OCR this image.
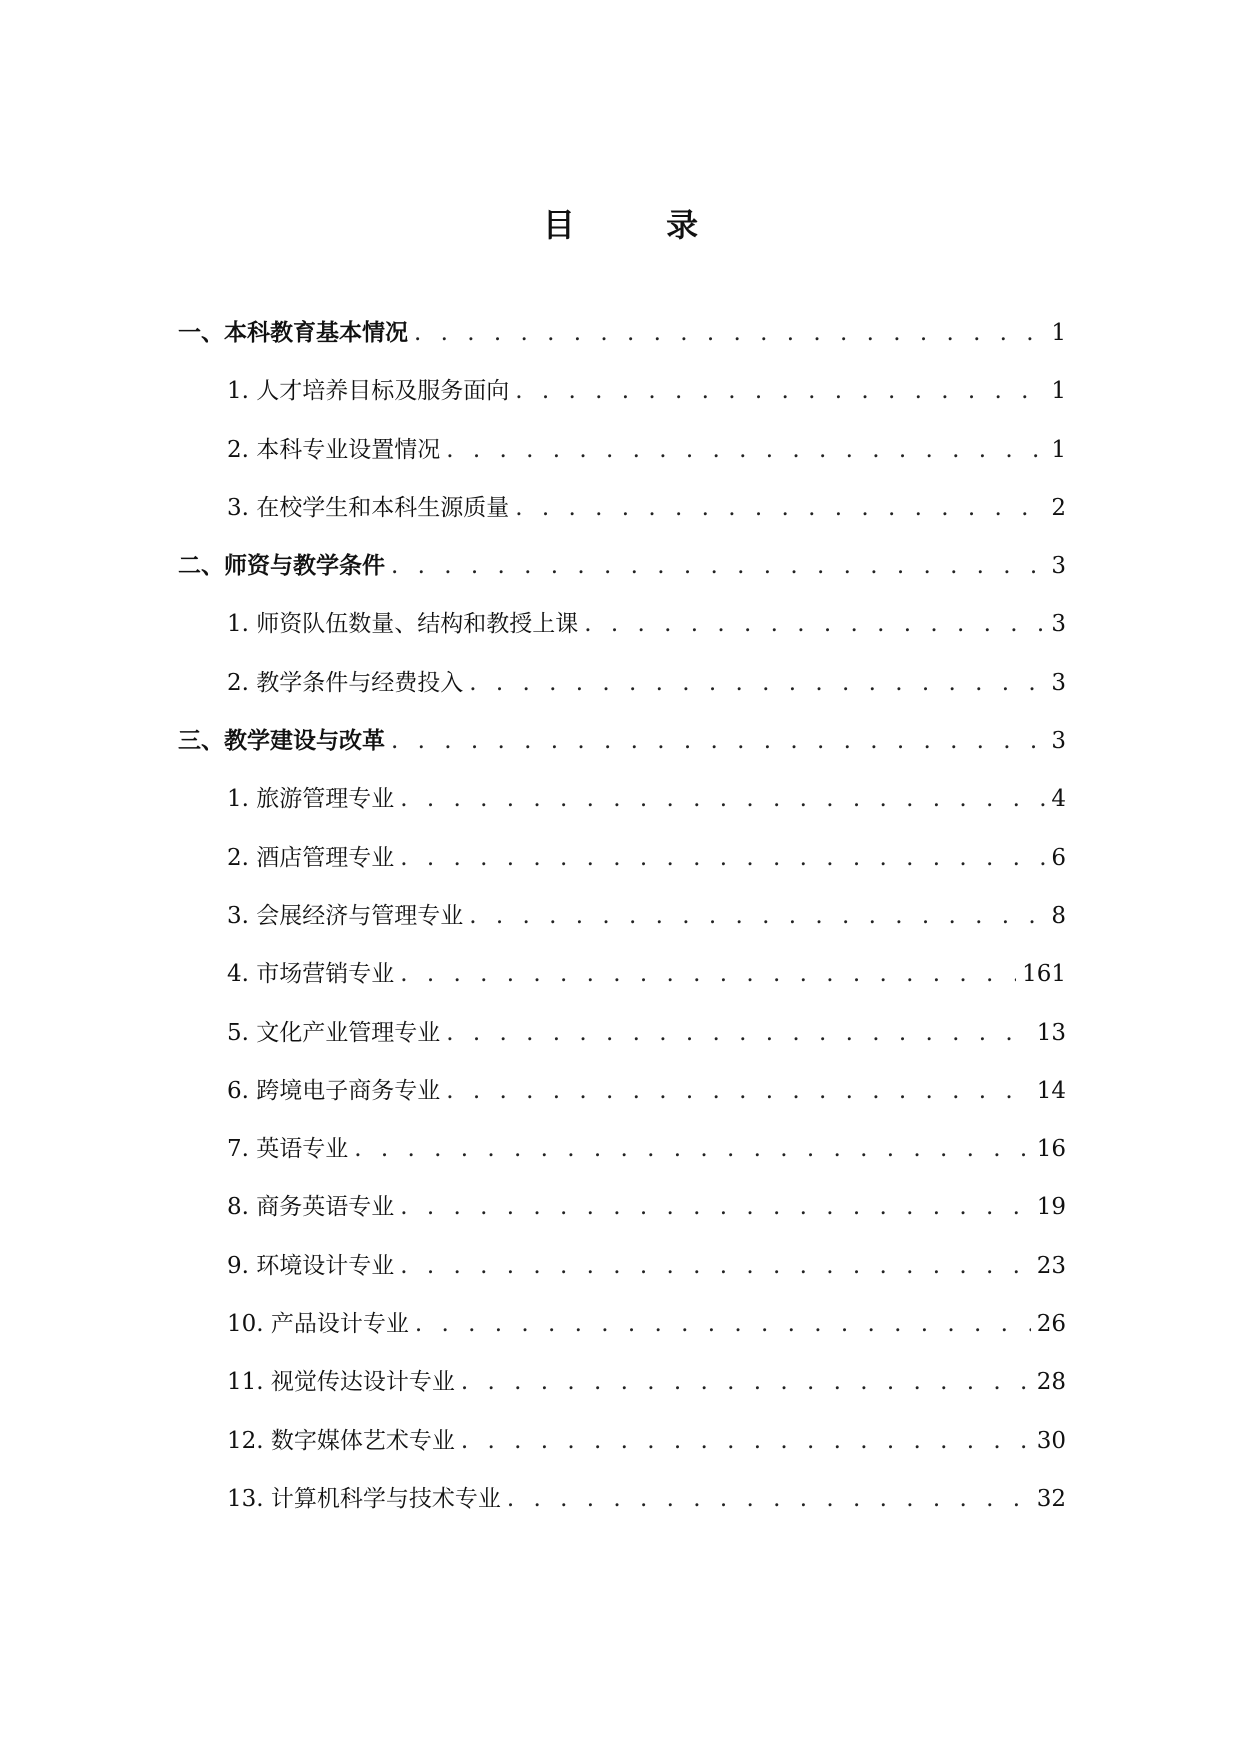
目 录
一、本科教育基本情况 . . .	1
1. 人才培养目标及服务面向 . . .	1
2. 本科专业设置情况 . . .	1
3. 在校学生和本科生源质量 . . .	2
二、师资与教学条件 . . .	3
1. 师资队伍数量、结构和教授上课 . . .	3
2. 教学条件与经费投入 . . .	3
三、教学建设与改革 . . .	3
1. 旅游管理专业 . . .	4
2. 酒店管理专业 . . .	6
3. 会展经济与管理专业 . . .	8
4. 市场营销专业 . . .	161
5. 文化产业管理专业 . . .	13
6. 跨境电子商务专业 . . .	14
7. 英语专业 . . .	16
8. 商务英语专业 . . .	19
9. 环境设计专业 . . .	23
10. 产品设计专业 . . .	26
11. 视觉传达设计专业 . . .	28
12. 数字媒体艺术专业 . . .	30
13. 计算机科学与技术专业 . . .	32
